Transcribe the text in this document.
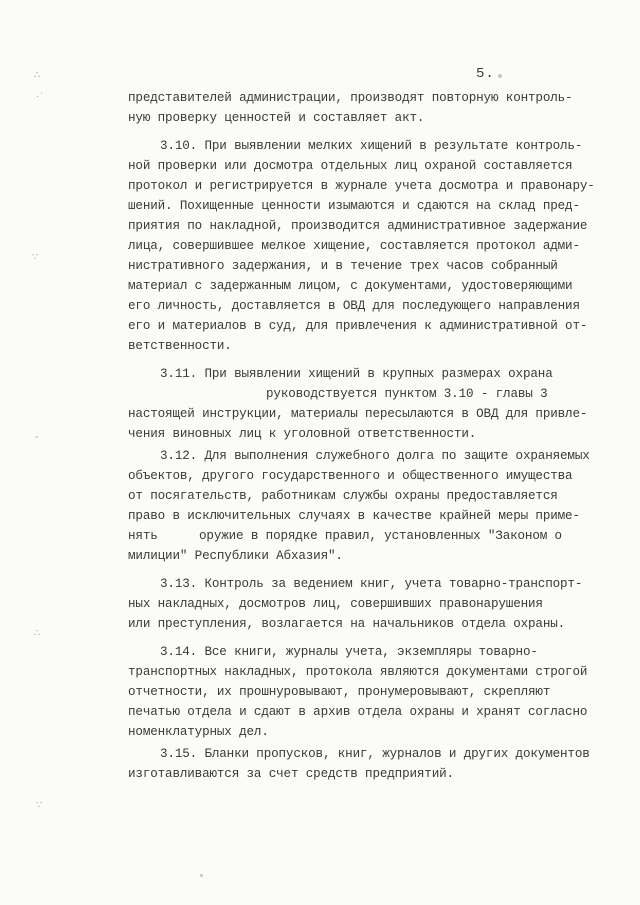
5.
представителей администрации, производят повторную контроль-
ную проверку ценностей и составляет акт.
3.10. При выявлении мелких хищений в результате контроль-
ной проверки или досмотра отдельных лиц охраной составляется
протокол и регистрируется в журнале учета досмотра и правонару-
шений. Похищенные ценности изымаются и сдаются на склад пред-
приятия по накладной, производится административное задержание
лица, совершившее мелкое хищение, составляется протокол адми-
нистративного задержания, и в течение трех часов собранный
материал с задержанным лицом, с документами, удостоверяющими
его личность, доставляется в ОВД для последующего направления
его и материалов в суд, для привлечения к административной от-
ветственности.
3.11. При выявлении хищений в крупных размерах охрана
руководствуется пунктом 3.10 - главы 3
настоящей инструкции, материалы пересылаются в ОВД для привле-
чения виновных лиц к уголовной ответственности.
3.12. Для выполнения служебного долга по защите охраняемых
объектов, другого государственного и общественного имущества
от посягательств, работникам службы охраны предоставляется
право в исключительных случаях в качестве крайней меры приме-
нять	оружие в порядке правил, установленных "Законом о
милиции" Республики Абхазия".
3.13. Контроль за ведением книг, учета товарно-транспорт-
ных накладных, досмотров лиц, совершивших правонарушения
или преступления, возлагается на начальников отдела охраны.
3.14. Все книги, журналы учета, экземпляры товарно-
транспортных накладных, протокола являются документами строгой
отчетности, их прошнуровывают, пронумеровывают, скрепляют
печатью отдела и сдают в архив отдела охраны и хранят согласно
номенклатурных дел.
3.15. Бланки пропусков, книг, журналов и других документов
изготавливаются за счет средств предприятий.
∴
·˙
∵
˘
∴
∵
